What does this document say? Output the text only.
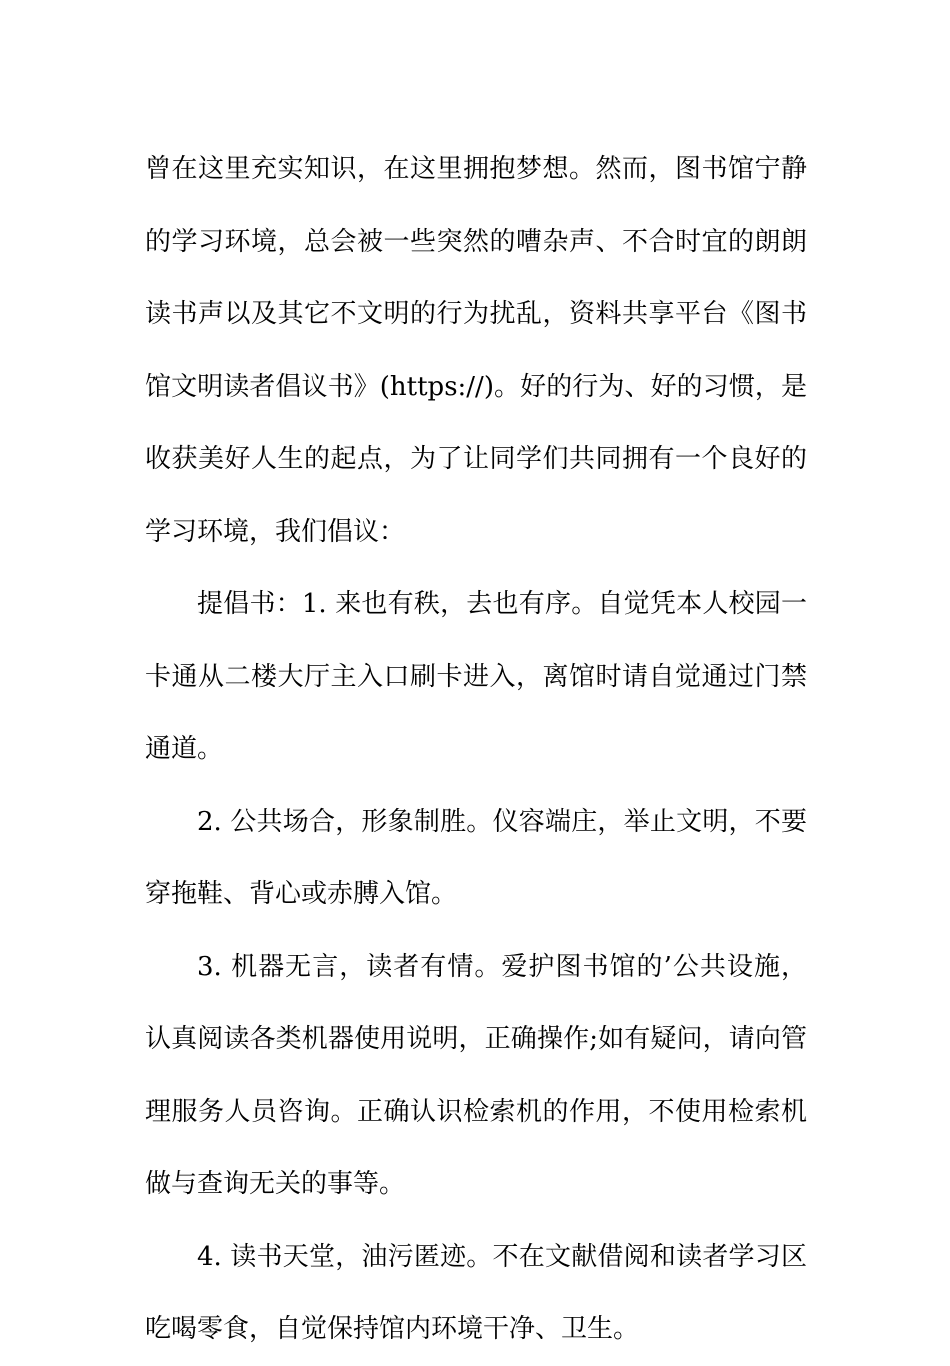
曾在这里充实知识，在这里拥抱梦想。然而，图书馆宁静的学习环境，总会被一些突然的嘈杂声、不合时宜的朗朗读书声以及其它不文明的行为扰乱，资料共享平台《图书馆文明读者倡议书》(https://)。好的行为、好的习惯，是收获美好人生的起点，为了让同学们共同拥有一个良好的学习环境，我们倡议：

提倡书：1. 来也有秩，去也有序。自觉凭本人校园一卡通从二楼大厅主入口刷卡进入，离馆时请自觉通过门禁通道。

2. 公共场合，形象制胜。仪容端庄，举止文明，不要穿拖鞋、背心或赤膊入馆。

3. 机器无言，读者有情。爱护图书馆的’公共设施，认真阅读各类机器使用说明，正确操作;如有疑问，请向管理服务人员咨询。正确认识检索机的作用，不使用检索机做与查询无关的事等。

4. 读书天堂，油污匿迹。不在文献借阅和读者学习区吃喝零食，自觉保持馆内环境干净、卫生。
